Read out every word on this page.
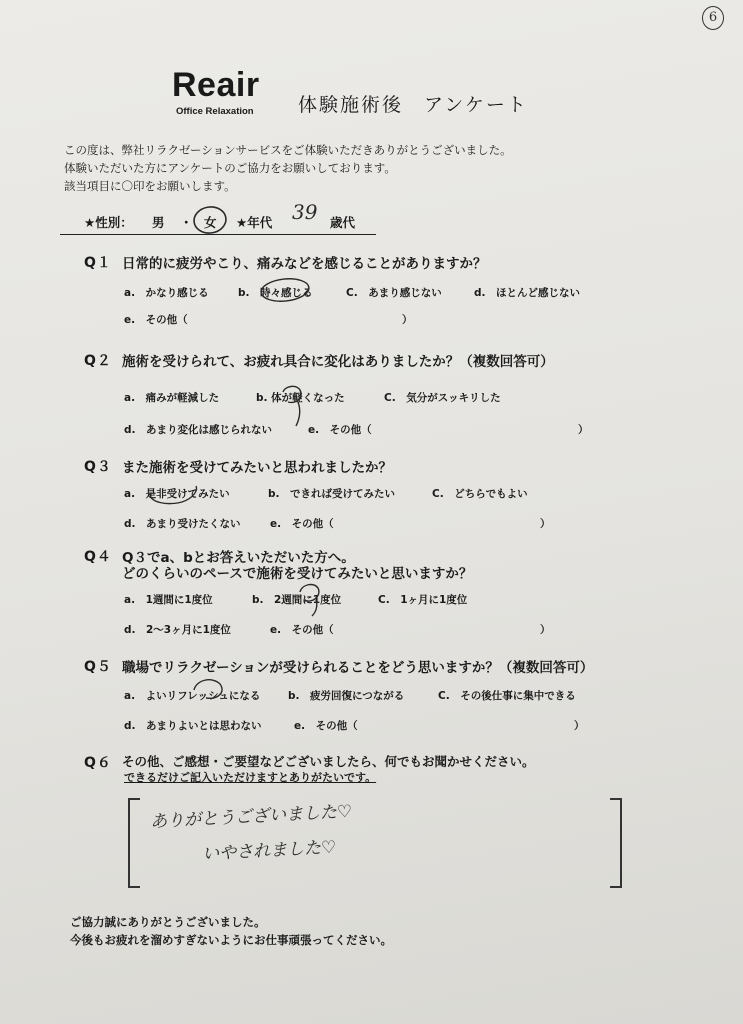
6
Reair
Office Relaxation 体験施術後　アンケート
この度は、弊社リラクゼーションサービスをご体験いただきありがとうございました。
体験いただいた方にアンケートのご協力をお願いしております。
該当項目に〇印をお願いします。
★性別： 男 ・ 女 ★年代 39 歳代
Q１ 日常的に疲労やこり、痛みなどを感じることがありますか？
a.　かなり感じる	b.　時々感じる	C.　あまり感じない	d.　ほとんど感じない
e.　その他（	）
Q２ 施術を受けられて、お疲れ具合に変化はありましたか？（複数回答可）
a.　痛みが軽減した	b. 体が軽くなった	C.　気分がスッキリした
d.　あまり変化は感じられない	e.　その他（	）
Q３ また施術を受けてみたいと思われましたか？
a.　是非受けてみたい	b.　できれば受けてみたい	C.　どちらでもよい
d.　あまり受けたくない	e.　その他（	）
Q４ Q３でa、bとお答えいただいた方へ。
どのくらいのペースで施術を受けてみたいと思いますか？
a.　1週間に1度位	b.　2週間に1度位	C.　1ヶ月に1度位
d.　2～3ヶ月に1度位	e.　その他（	）
Q５ 職場でリラクゼーションが受けられることをどう思いますか？（複数回答可）
a.　よいリフレッシュになる	b.　疲労回復につながる	C.　その後仕事に集中できる
d.　あまりよいとは思わない	e.　その他（	）
Q６ その他、ご感想・ご要望などございましたら、何でもお聞かせください。
できるだけご記入いただけますとありがたいです。
ありがとうございました♡
いやされました♡
ご協力誠にありがとうございました。
今後もお疲れを溜めすぎないようにお仕事頑張ってください。
